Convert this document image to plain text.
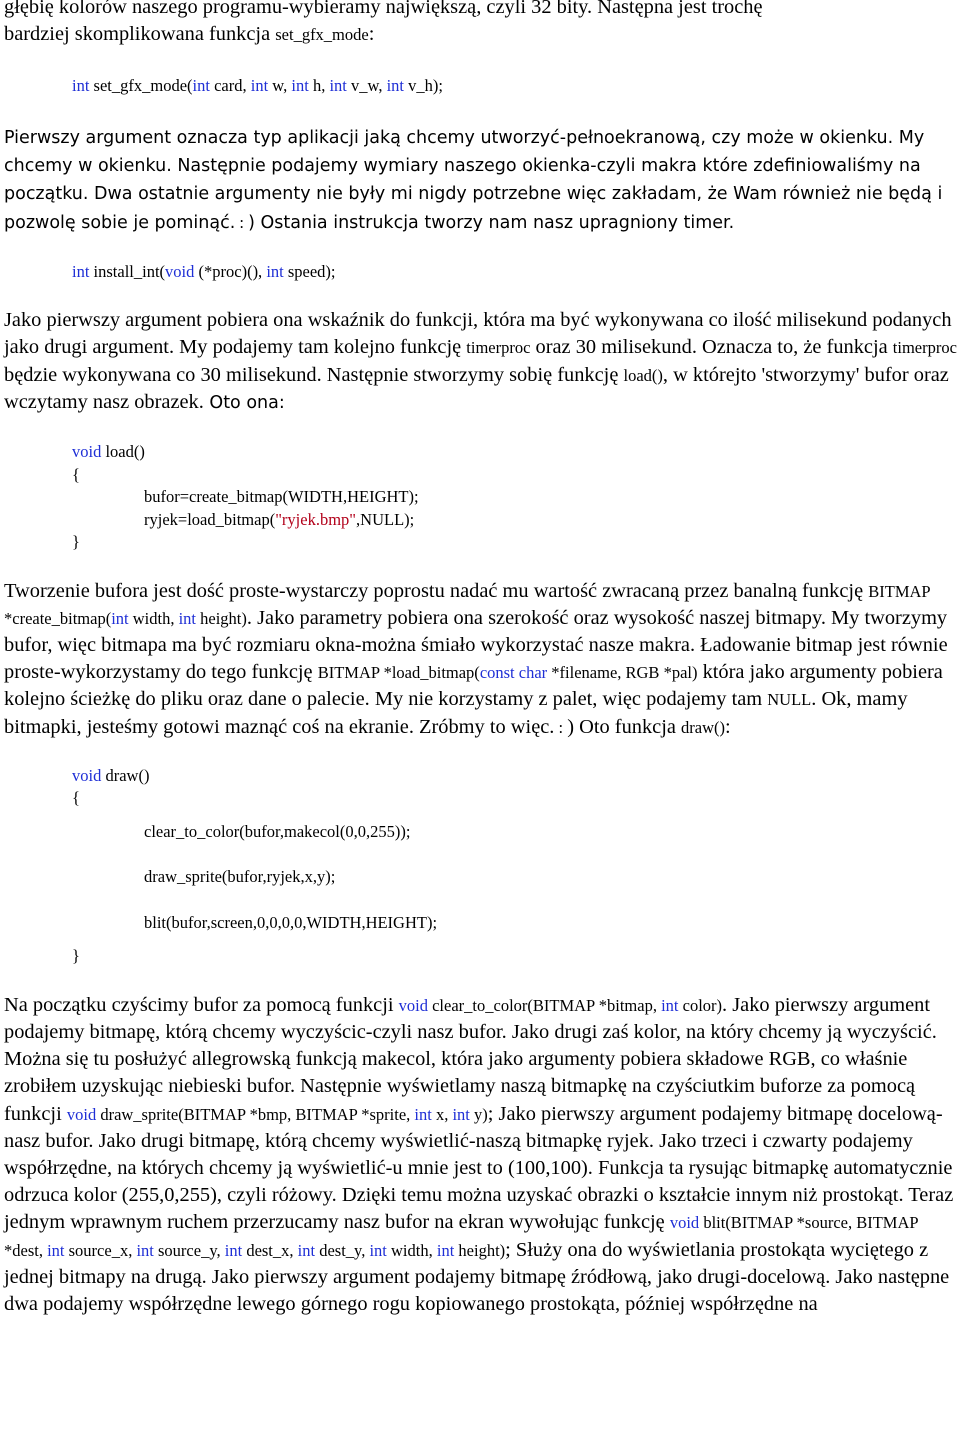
głębię kolorów naszego programu-wybieramy największą, czyli 32 bity. Następna jest trochę
bardziej skomplikowana funkcja set_gfx_mode:

int set_gfx_mode(int card, int w, int h, int v_w, int v_h);

Pierwszy argument oznacza typ aplikacji jaką chcemy utworzyć-pełnoekranową, czy może w okienku. My chcemy w okienku. Następnie podajemy wymiary naszego okienka-czyli makra które zdefiniowaliśmy na początku. Dwa ostatnie argumenty nie były mi nigdy potrzebne więc zakładam, że Wam również nie będą i pozwolę sobie je pominąć. : ) Ostania instrukcja tworzy nam nasz upragniony timer.

int install_int(void (*proc)(), int speed);

Jako pierwszy argument pobiera ona wskaźnik do funkcji, która ma być wykonywana co ilość milisekund podanych jako drugi argument. My podajemy tam kolejno funkcję timerproc oraz 30 milisekund. Oznacza to, że funkcja timerproc będzie wykonywana co 30 milisekund. Następnie stworzymy sobię funkcję load(), w którejto 'stworzymy' bufor oraz wczytamy nasz obrazek. Oto ona:

void load()

{

bufor=create_bitmap(WIDTH,HEIGHT);

ryjek=load_bitmap("ryjek.bmp",NULL);

}

Tworzenie bufora jest dość proste-wystarczy poprostu nadać mu wartość zwracaną przez banalną funkcję BITMAP *create_bitmap(int width, int height). Jako parametry pobiera ona szerokość oraz wysokość naszej bitmapy. My tworzymy bufor, więc bitmapa ma być rozmiaru okna-można śmiało wykorzystać nasze makra. Ładowanie bitmap jest równie proste-wykorzystamy do tego funkcję BITMAP *load_bitmap(const char *filename, RGB *pal) która jako argumenty pobiera kolejno ścieżkę do pliku oraz dane o palecie. My nie korzystamy z palet, więc podajemy tam NULL. Ok, mamy bitmapki, jesteśmy gotowi maznąć coś na ekranie. Zróbmy to więc. : ) Oto funkcja draw():

void draw()

{

clear_to_color(bufor,makecol(0,0,255));

draw_sprite(bufor,ryjek,x,y);

blit(bufor,screen,0,0,0,0,WIDTH,HEIGHT);

}

Na początku czyścimy bufor za pomocą funkcji void clear_to_color(BITMAP *bitmap, int color). Jako pierwszy argument podajemy bitmapę, którą chcemy wyczyścic-czyli nasz bufor. Jako drugi zaś kolor, na który chcemy ją wyczyścić. Można się tu posłużyć allegrowską funkcją makecol, która jako argumenty pobiera składowe RGB, co właśnie zrobiłem uzyskując niebieski bufor. Następnie wyświetlamy naszą bitmapkę na czyściutkim buforze za pomocą funkcji void draw_sprite(BITMAP *bmp, BITMAP *sprite, int x, int y); Jako pierwszy argument podajemy bitmapę docelową-nasz bufor. Jako drugi bitmapę, którą chcemy wyświetlić-naszą bitmapkę ryjek. Jako trzeci i czwarty podajemy współrzędne, na których chcemy ją wyświetlić-u mnie jest to (100,100). Funkcja ta rysując bitmapkę automatycznie odrzuca kolor (255,0,255), czyli różowy. Dzięki temu można uzyskać obrazki o kształcie innym niż prostokąt. Teraz jednym wprawnym ruchem przerzucamy nasz bufor na ekran wywołując funkcję void blit(BITMAP *source, BITMAP *dest, int source_x, int source_y, int dest_x, int dest_y, int width, int height); Służy ona do wyświetlania prostokąta wyciętego z jednej bitmapy na drugą. Jako pierwszy argument podajemy bitmapę źródłową, jako drugi-docelową. Jako następne dwa podajemy współrzędne lewego górnego rogu kopiowanego prostokąta, później współrzędne na
